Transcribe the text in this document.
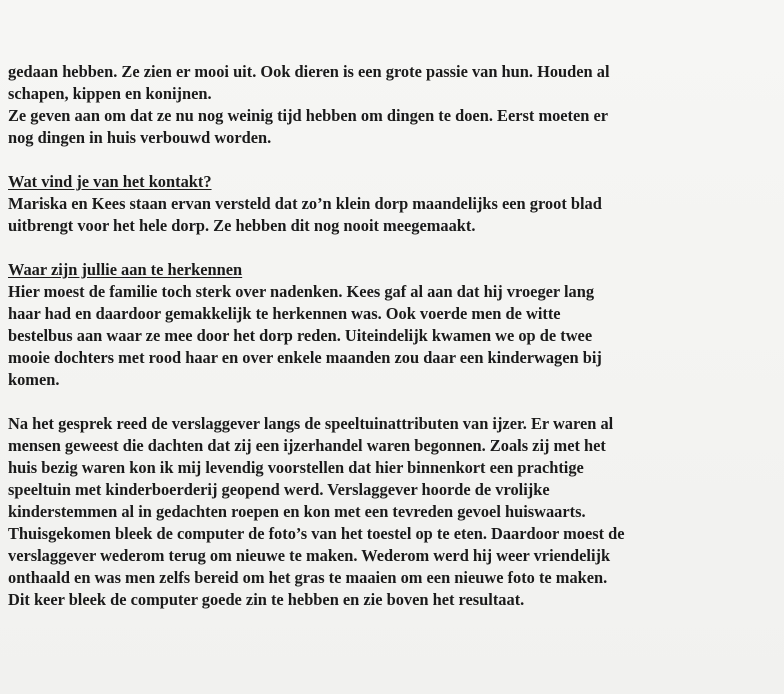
gedaan hebben. Ze zien er mooi uit. Ook dieren is een grote passie van hun. Houden al
schapen, kippen en konijnen.
Ze geven aan om dat ze nu nog weinig tijd hebben om dingen te doen. Eerst moeten er
nog dingen in huis verbouwd worden.

Wat vind je van het kontakt?
Mariska en Kees staan ervan versteld dat zo’n klein dorp maandelijks een groot blad
uitbrengt voor het hele dorp. Ze hebben dit nog nooit meegemaakt.

Waar zijn jullie aan te herkennen
Hier moest de familie toch sterk over nadenken. Kees gaf al aan dat hij vroeger lang
haar had en daardoor gemakkelijk te herkennen was. Ook voerde men de witte
bestelbus aan waar ze mee door het dorp reden. Uiteindelijk kwamen we op de twee
mooie dochters met rood haar en over enkele maanden zou daar een kinderwagen bij
komen.

Na het gesprek reed de verslaggever langs de speeltuinattributen van ijzer. Er waren al
mensen geweest die dachten dat zij een ijzerhandel waren begonnen. Zoals zij met het
huis bezig waren kon ik mij levendig voorstellen dat hier binnenkort een prachtige
speeltuin met kinderboerderij geopend werd. Verslaggever hoorde de vrolijke
kinderstemmen al in gedachten roepen en kon met een tevreden gevoel huiswaarts.
Thuisgekomen bleek de computer de foto’s van het toestel op te eten. Daardoor moest de
verslaggever wederom terug om nieuwe te maken. Wederom werd hij weer vriendelijk
onthaald en was men zelfs bereid om het gras te maaien om een nieuwe foto te maken.
Dit keer bleek de computer goede zin te hebben en zie boven het resultaat.
